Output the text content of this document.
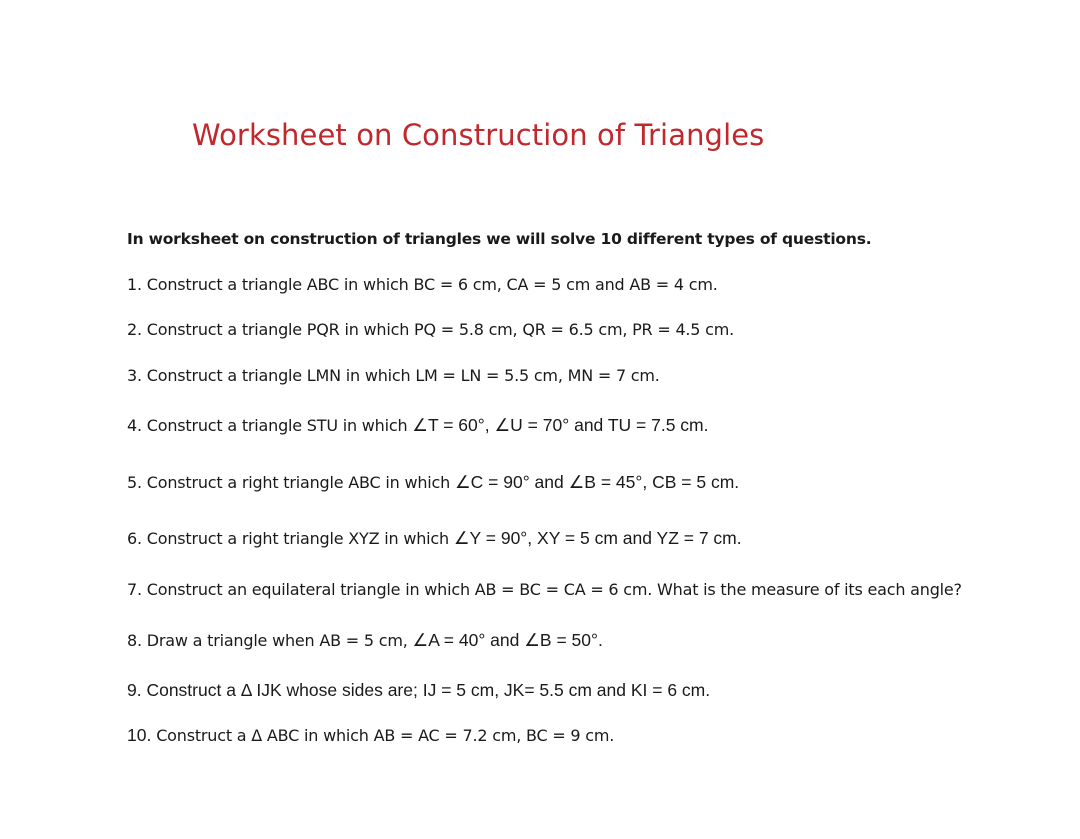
Worksheet on Construction of Triangles

In worksheet on construction of triangles we will solve 10 different types of questions.

1. Construct a triangle ABC in which BC = 6 cm, CA = 5 cm and AB = 4 cm.

2. Construct a triangle PQR in which PQ = 5.8 cm, QR = 6.5 cm, PR = 4.5 cm.

3. Construct a triangle LMN in which LM = LN = 5.5 cm, MN = 7 cm.

4. Construct a triangle STU in which ∠T = 60°, ∠U = 70° and TU = 7.5 cm.

5. Construct a right triangle ABC in which ∠C = 90° and ∠B = 45°, CB = 5 cm.

6. Construct a right triangle XYZ in which ∠Y = 90°, XY = 5 cm and YZ = 7 cm.

7. Construct an equilateral triangle in which AB = BC = CA = 6 cm. What is the measure of its each angle?

8. Draw a triangle when AB = 5 cm, ∠A = 40° and ∠B = 50°.

9. Construct a Δ IJK whose sides are; IJ = 5 cm, JK= 5.5 cm and KI = 6 cm.

10. Construct a Δ ABC in which AB = AC = 7.2 cm, BC = 9 cm.
